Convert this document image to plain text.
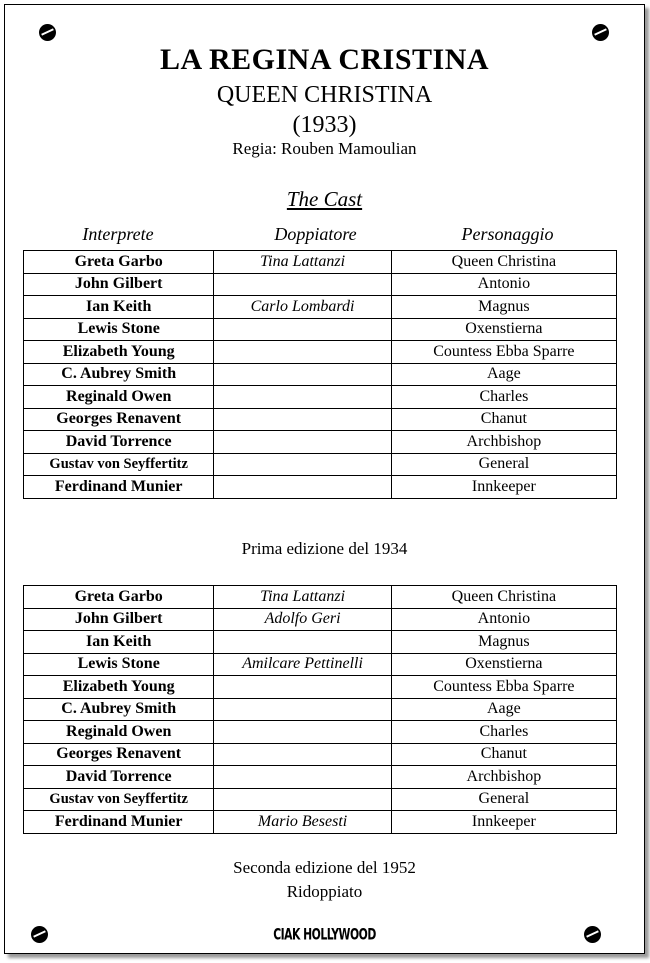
LA REGINA CRISTINA
QUEEN CHRISTINA
(1933)
Regia: Rouben Mamoulian
The Cast
Interprete	Doppiatore	Personaggio
Greta Garbo	Tina Lattanzi	Queen Christina
John Gilbert		Antonio
Ian Keith	Carlo Lombardi	Magnus
Lewis Stone		Oxenstierna
Elizabeth Young		Countess Ebba Sparre
C. Aubrey Smith		Aage
Reginald Owen		Charles
Georges Renavent		Chanut
David Torrence		Archbishop
Gustav von Seyffertitz		General
Ferdinand Munier		Innkeeper
Prima edizione del 1934
Greta Garbo	Tina Lattanzi	Queen Christina
John Gilbert	Adolfo Geri	Antonio
Ian Keith		Magnus
Lewis Stone	Amilcare Pettinelli	Oxenstierna
Elizabeth Young		Countess Ebba Sparre
C. Aubrey Smith		Aage
Reginald Owen		Charles
Georges Renavent		Chanut
David Torrence		Archbishop
Gustav von Seyffertitz		General
Ferdinand Munier	Mario Besesti	Innkeeper
Seconda edizione del 1952
Ridoppiato
CIAK HOLLYWOOD
